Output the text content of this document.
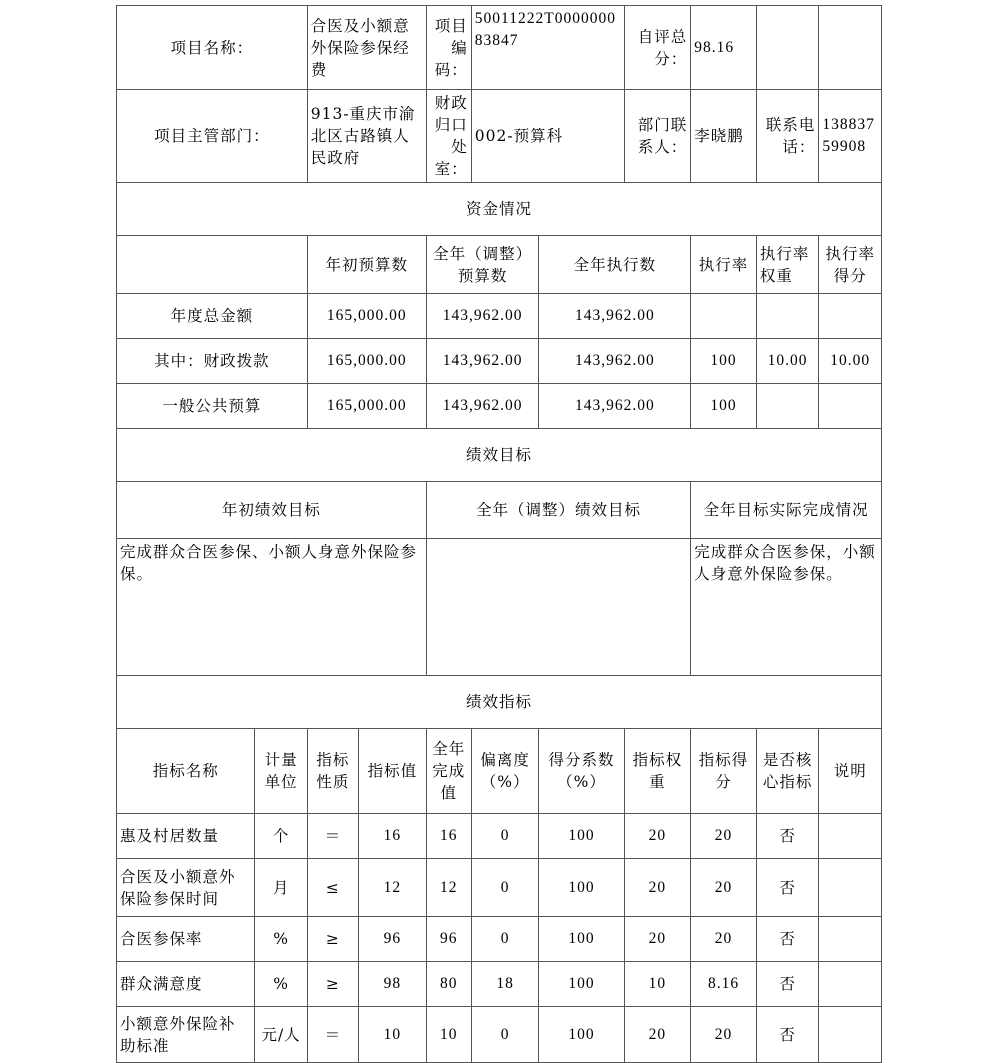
项目名称：		合医及小额意外保险参保经费		项目编码：	50011222T000000083847		自评总分：	98.16		
项目主管部门：		913-重庆市渝北区古路镇人民政府		财政归口处室：	002-预算科		部门联系人：	李晓鹏	联系电话：	13883759908
资金情况										
		年初预算数		全年（调整）预算数		全年执行数		执行率	执行率权重	执行率得分
年度总金额		165,000.00		143,962.00		143,962.00				
其中：财政拨款		165,000.00		143,962.00		143,962.00		100	10.00	10.00
一般公共预算		165,000.00		143,962.00		143,962.00		100		
绩效目标										
年初绩效目标				全年（调整）绩效目标				全年目标实际完成情况		
完成群众合医参保、小额人身意外保险参保。								完成群众合医参保，小额人身意外保险参保。		
绩效指标										
指标名称	计量单位	指标性质	指标值	全年完成值	偏离度（%）	得分系数（%）	指标权重	指标得分	是否核心指标	说明
惠及村居数量	个	＝	16	16	0	100	20	20	否	
合医及小额意外保险参保时间	月	≤	12	12	0	100	20	20	否	
合医参保率	%	≥	96	96	0	100	20	20	否	
群众满意度	%	≥	98	80	18	100	10	8.16	否	
小额意外保险补助标准	元/人	＝	10	10	0	100	20	20	否	
